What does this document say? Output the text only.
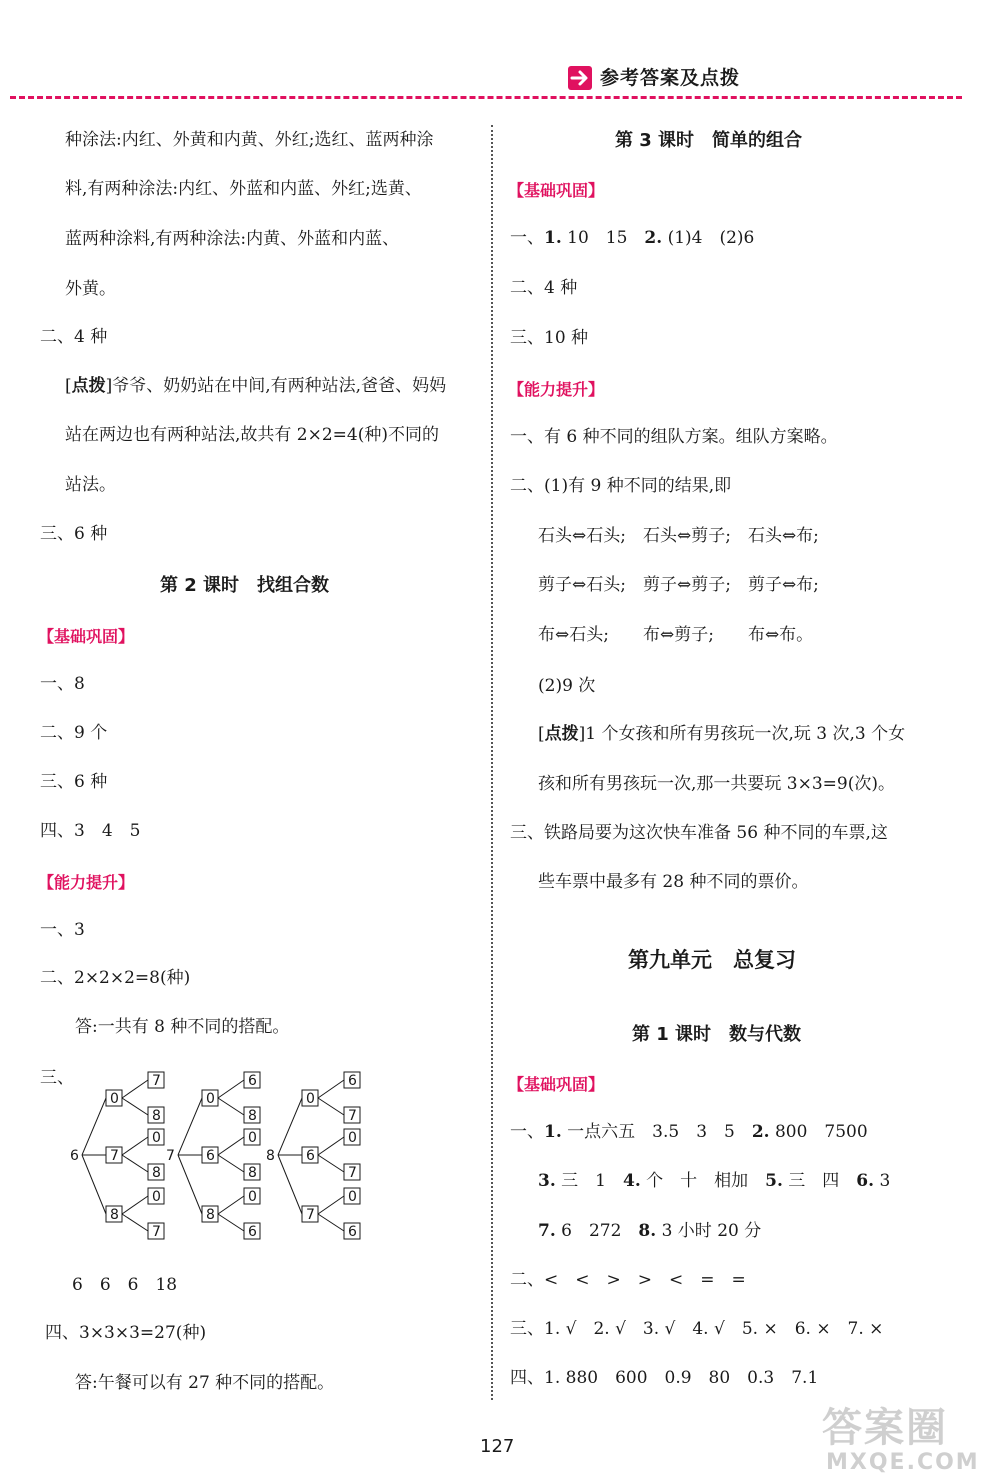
参考答案及点拨
种涂法:内红、外黄和内黄、外红;选红、蓝两种涂
料,有两种涂法:内红、外蓝和内蓝、外红;选黄、
蓝两种涂料,有两种涂法:内黄、外蓝和内蓝、
外黄。
二、4 种
[点拨]爷爷、奶奶站在中间,有两种站法,爸爸、妈妈
站在两边也有两种站法,故共有 2×2=4(种)不同的
站法。
三、6 种
第 2 课时　找组合数
【基础巩固】
一、8
二、9 个
三、6 种
四、3　4　5
【能力提升】
一、3
二、2×2×2=8(种)
答:一共有 8 种不同的搭配。
三、
6
0
7
8
7
0
8
8
0
7
7
0
6
8
6
0
8
8
0
6
8
0
6
7
6
0
7
7
0
6
6　6　6　18
四、3×3×3=27(种)
答:午餐可以有 27 种不同的搭配。
第 3 课时　简单的组合
【基础巩固】
一、1. 10　15　2. (1)4　(2)6
二、4 种
三、10 种
【能力提升】
一、有 6 种不同的组队方案。组队方案略。
二、(1)有 9 种不同的结果,即
石头⇔石头;　石头⇔剪子;　石头⇔布;
剪子⇔石头;　剪子⇔剪子;　剪子⇔布;
布⇔石头;　　布⇔剪子;　　布⇔布。
(2)9 次
[点拨]1 个女孩和所有男孩玩一次,玩 3 次,3 个女
孩和所有男孩玩一次,那一共要玩 3×3=9(次)。
三、铁路局要为这次快车准备 56 种不同的车票,这
些车票中最多有 28 种不同的票价。
第九单元　总复习
第 1 课时　数与代数
【基础巩固】
一、1. 一点六五　3.5　3　5　2. 800　7500
3. 三　1　4. 个　十　相加　5. 三　四　6. 3
7. 6　272　8. 3 小时 20 分
二、<　<　>　>　<　=　=
三、1. √　2. √　3. √　4. √　5. ×　6. ×　7. ×
四、1. 880　600　0.9　80　0.3　7.1
127	答案圈
MXQE.COM
